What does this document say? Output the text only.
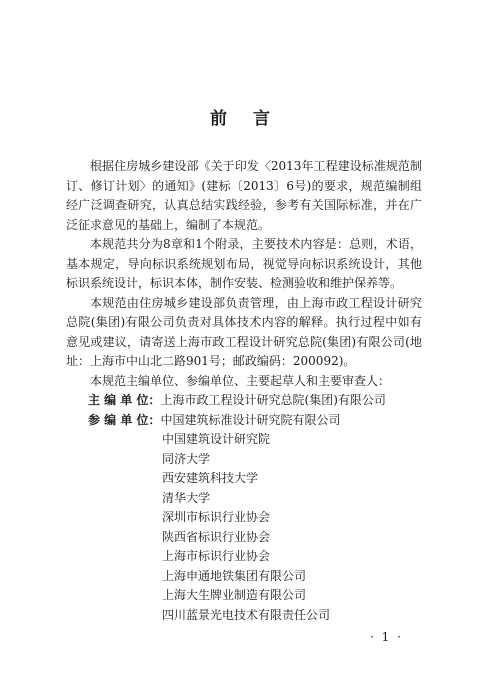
前言

根据住房城乡建设部《关于印发〈2013年工程建设标准规范制订、修订计划〉的通知》(建标〔2013〕6号)的要求，规范编制组经广泛调查研究，认真总结实践经验，参考有关国际标准，并在广泛征求意见的基础上，编制了本规范。

本规范共分为8章和1个附录，主要技术内容是：总则，术语，基本规定，导向标识系统规划布局，视觉导向标识系统设计，其他标识系统设计，标识本体，制作安装、检测验收和维护保养等。

本规范由住房城乡建设部负责管理，由上海市政工程设计研究总院(集团)有限公司负责对具体技术内容的解释。执行过程中如有意见或建议，请寄送上海市政工程设计研究总院(集团)有限公司(地址：上海市中山北二路901号；邮政编码：200092)。

本规范主编单位、参编单位、主要起草人和主要审查人：

主 编 单 位： 上海市政工程设计研究总院(集团)有限公司
参 编 单 位： 中国建筑标准设计研究院有限公司
中国建筑设计研究院
同济大学
西安建筑科技大学
清华大学
深圳市标识行业协会
陕西省标识行业协会
上海市标识行业协会
上海申通地铁集团有限公司
上海大生牌业制造有限公司
四川蓝景光电技术有限责任公司
· 1 ·
